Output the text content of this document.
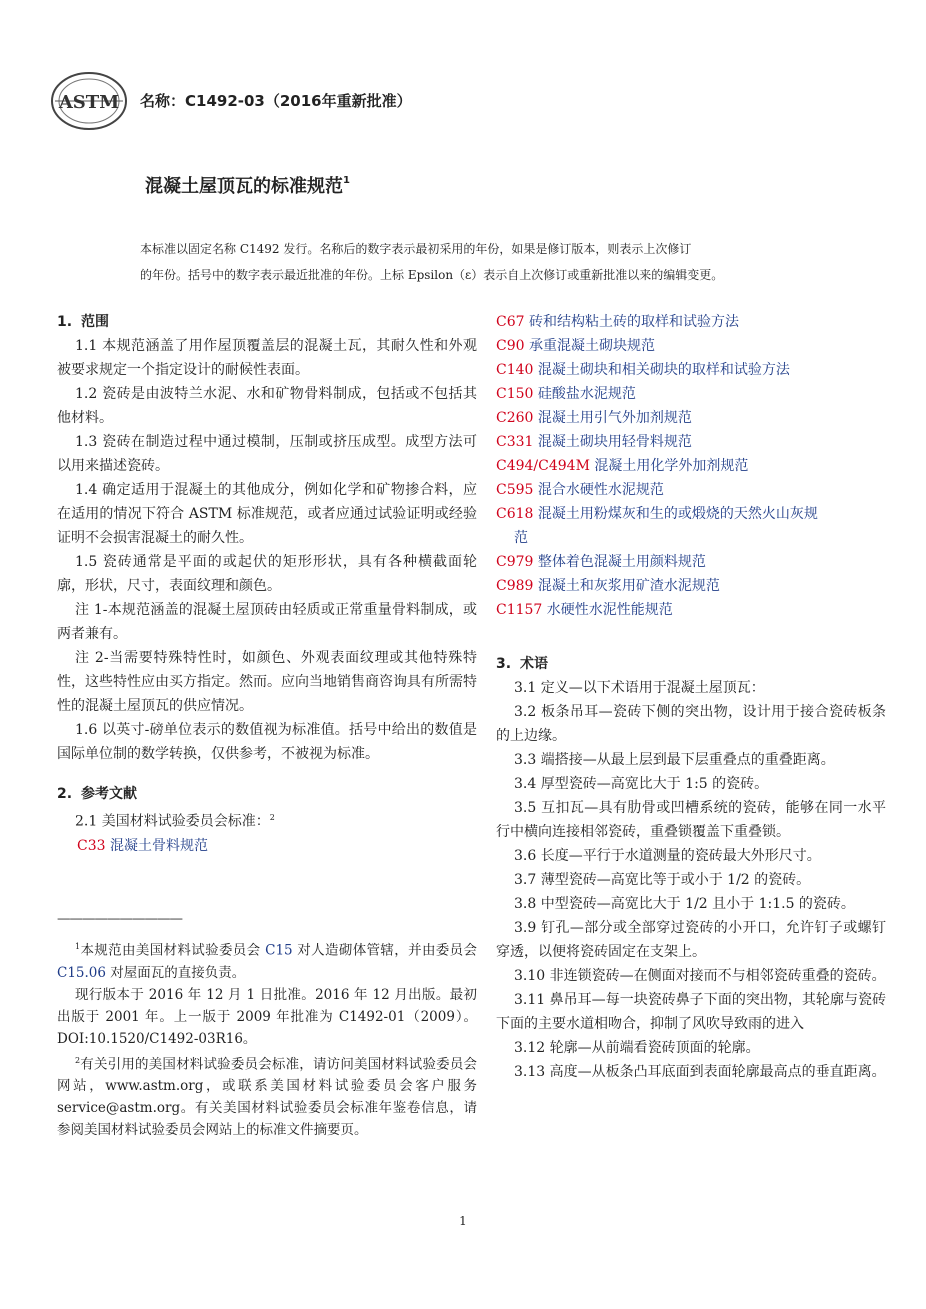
ASTM 名称：C1492-03（2016年重新批准）
混凝土屋顶瓦的标准规范$^1$
本标准以固定名称 C1492 发行。名称后的数字表示最初采用的年份，如果是修订版本，则表示上次修订
的年份。括号中的数字表示最近批准的年份。上标 Epsilon（ε）表示自上次修订或重新批准以来的编辑变更。
1. 范围

1.1 本规范涵盖了用作屋顶覆盖层的混凝土瓦，其耐久性和外观被要求规定一个指定设计的耐候性表面。

1.2 瓷砖是由波特兰水泥、水和矿物骨料制成，包括或不包括其他材料。

1.3 瓷砖在制造过程中通过模制，压制或挤压成型。成型方法可以用来描述瓷砖。

1.4 确定适用于混凝土的其他成分，例如化学和矿物掺合料，应在适用的情况下符合 ASTM 标准规范，或者应通过试验证明或经验证明不会损害混凝土的耐久性。

1.5 瓷砖通常是平面的或起伏的矩形形状，具有各种横截面轮廓，形状，尺寸，表面纹理和颜色。

注 1-本规范涵盖的混凝土屋顶砖由轻质或正常重量骨料制成，或两者兼有。

注 2-当需要特殊特性时，如颜色、外观表面纹理或其他特殊特性，这些特性应由买方指定。然而。应向当地销售商咨询具有所需特性的混凝土屋顶瓦的供应情况。

1.6 以英寸-磅单位表示的数值视为标准值。括号中给出的数值是国际单位制的数学转换，仅供参考，不被视为标准。

2. 参考文献

2.1 美国材料试验委员会标准：$^2$

C33 混凝土骨料规范

——————————

$^1$本规范由美国材料试验委员会 C15 对人造砌体管辖，并由委员会 C15.06 对屋面瓦的直接负责。

现行版本于 2016 年 12 月 1 日批准。2016 年 12 月出版。最初出版于 2001 年。上一版于 2009 年批准为 C1492-01（2009）。DOI:10.1520/C1492-03R16。

$^2$有关引用的美国材料试验委员会标准，请访问美国材料试验委员会网站，www.astm.org，或联系美国材料试验委员会客户服务 service@astm.org。有关美国材料试验委员会标准年鉴卷信息，请参阅美国材料试验委员会网站上的标准文件摘要页。

C67 砖和结构粘土砖的取样和试验方法

C90 承重混凝土砌块规范

C140 混凝土砌块和相关砌块的取样和试验方法

C150 硅酸盐水泥规范

C260 混凝土用引气外加剂规范

C331 混凝土砌块用轻骨料规范

C494/C494M 混凝土用化学外加剂规范

C595 混合水硬性水泥规范

C618 混凝土用粉煤灰和生的或煅烧的天然火山灰规
范

C979 整体着色混凝土用颜料规范

C989 混凝土和灰浆用矿渣水泥规范

C1157 水硬性水泥性能规范

3. 术语

3.1 定义—以下术语用于混凝土屋顶瓦：

3.2 板条吊耳—瓷砖下侧的突出物，设计用于接合瓷砖板条的上边缘。

3.3 端搭接—从最上层到最下层重叠点的重叠距离。

3.4 厚型瓷砖—高宽比大于 1:5 的瓷砖。

3.5 互扣瓦—具有肋骨或凹槽系统的瓷砖，能够在同一水平行中横向连接相邻瓷砖，重叠锁覆盖下重叠锁。

3.6 长度—平行于水道测量的瓷砖最大外形尺寸。

3.7 薄型瓷砖—高宽比等于或小于 1/2 的瓷砖。

3.8 中型瓷砖—高宽比大于 1/2 且小于 1:1.5 的瓷砖。

3.9 钉孔—部分或全部穿过瓷砖的小开口，允许钉子或螺钉穿透，以便将瓷砖固定在支架上。

3.10 非连锁瓷砖—在侧面对接而不与相邻瓷砖重叠的瓷砖。

3.11 鼻吊耳—每一块瓷砖鼻子下面的突出物，其轮廓与瓷砖下面的主要水道相吻合，抑制了风吹导致雨的进入

3.12 轮廓—从前端看瓷砖顶面的轮廓。

3.13 高度—从板条凸耳底面到表面轮廓最高点的垂直距离。

1
